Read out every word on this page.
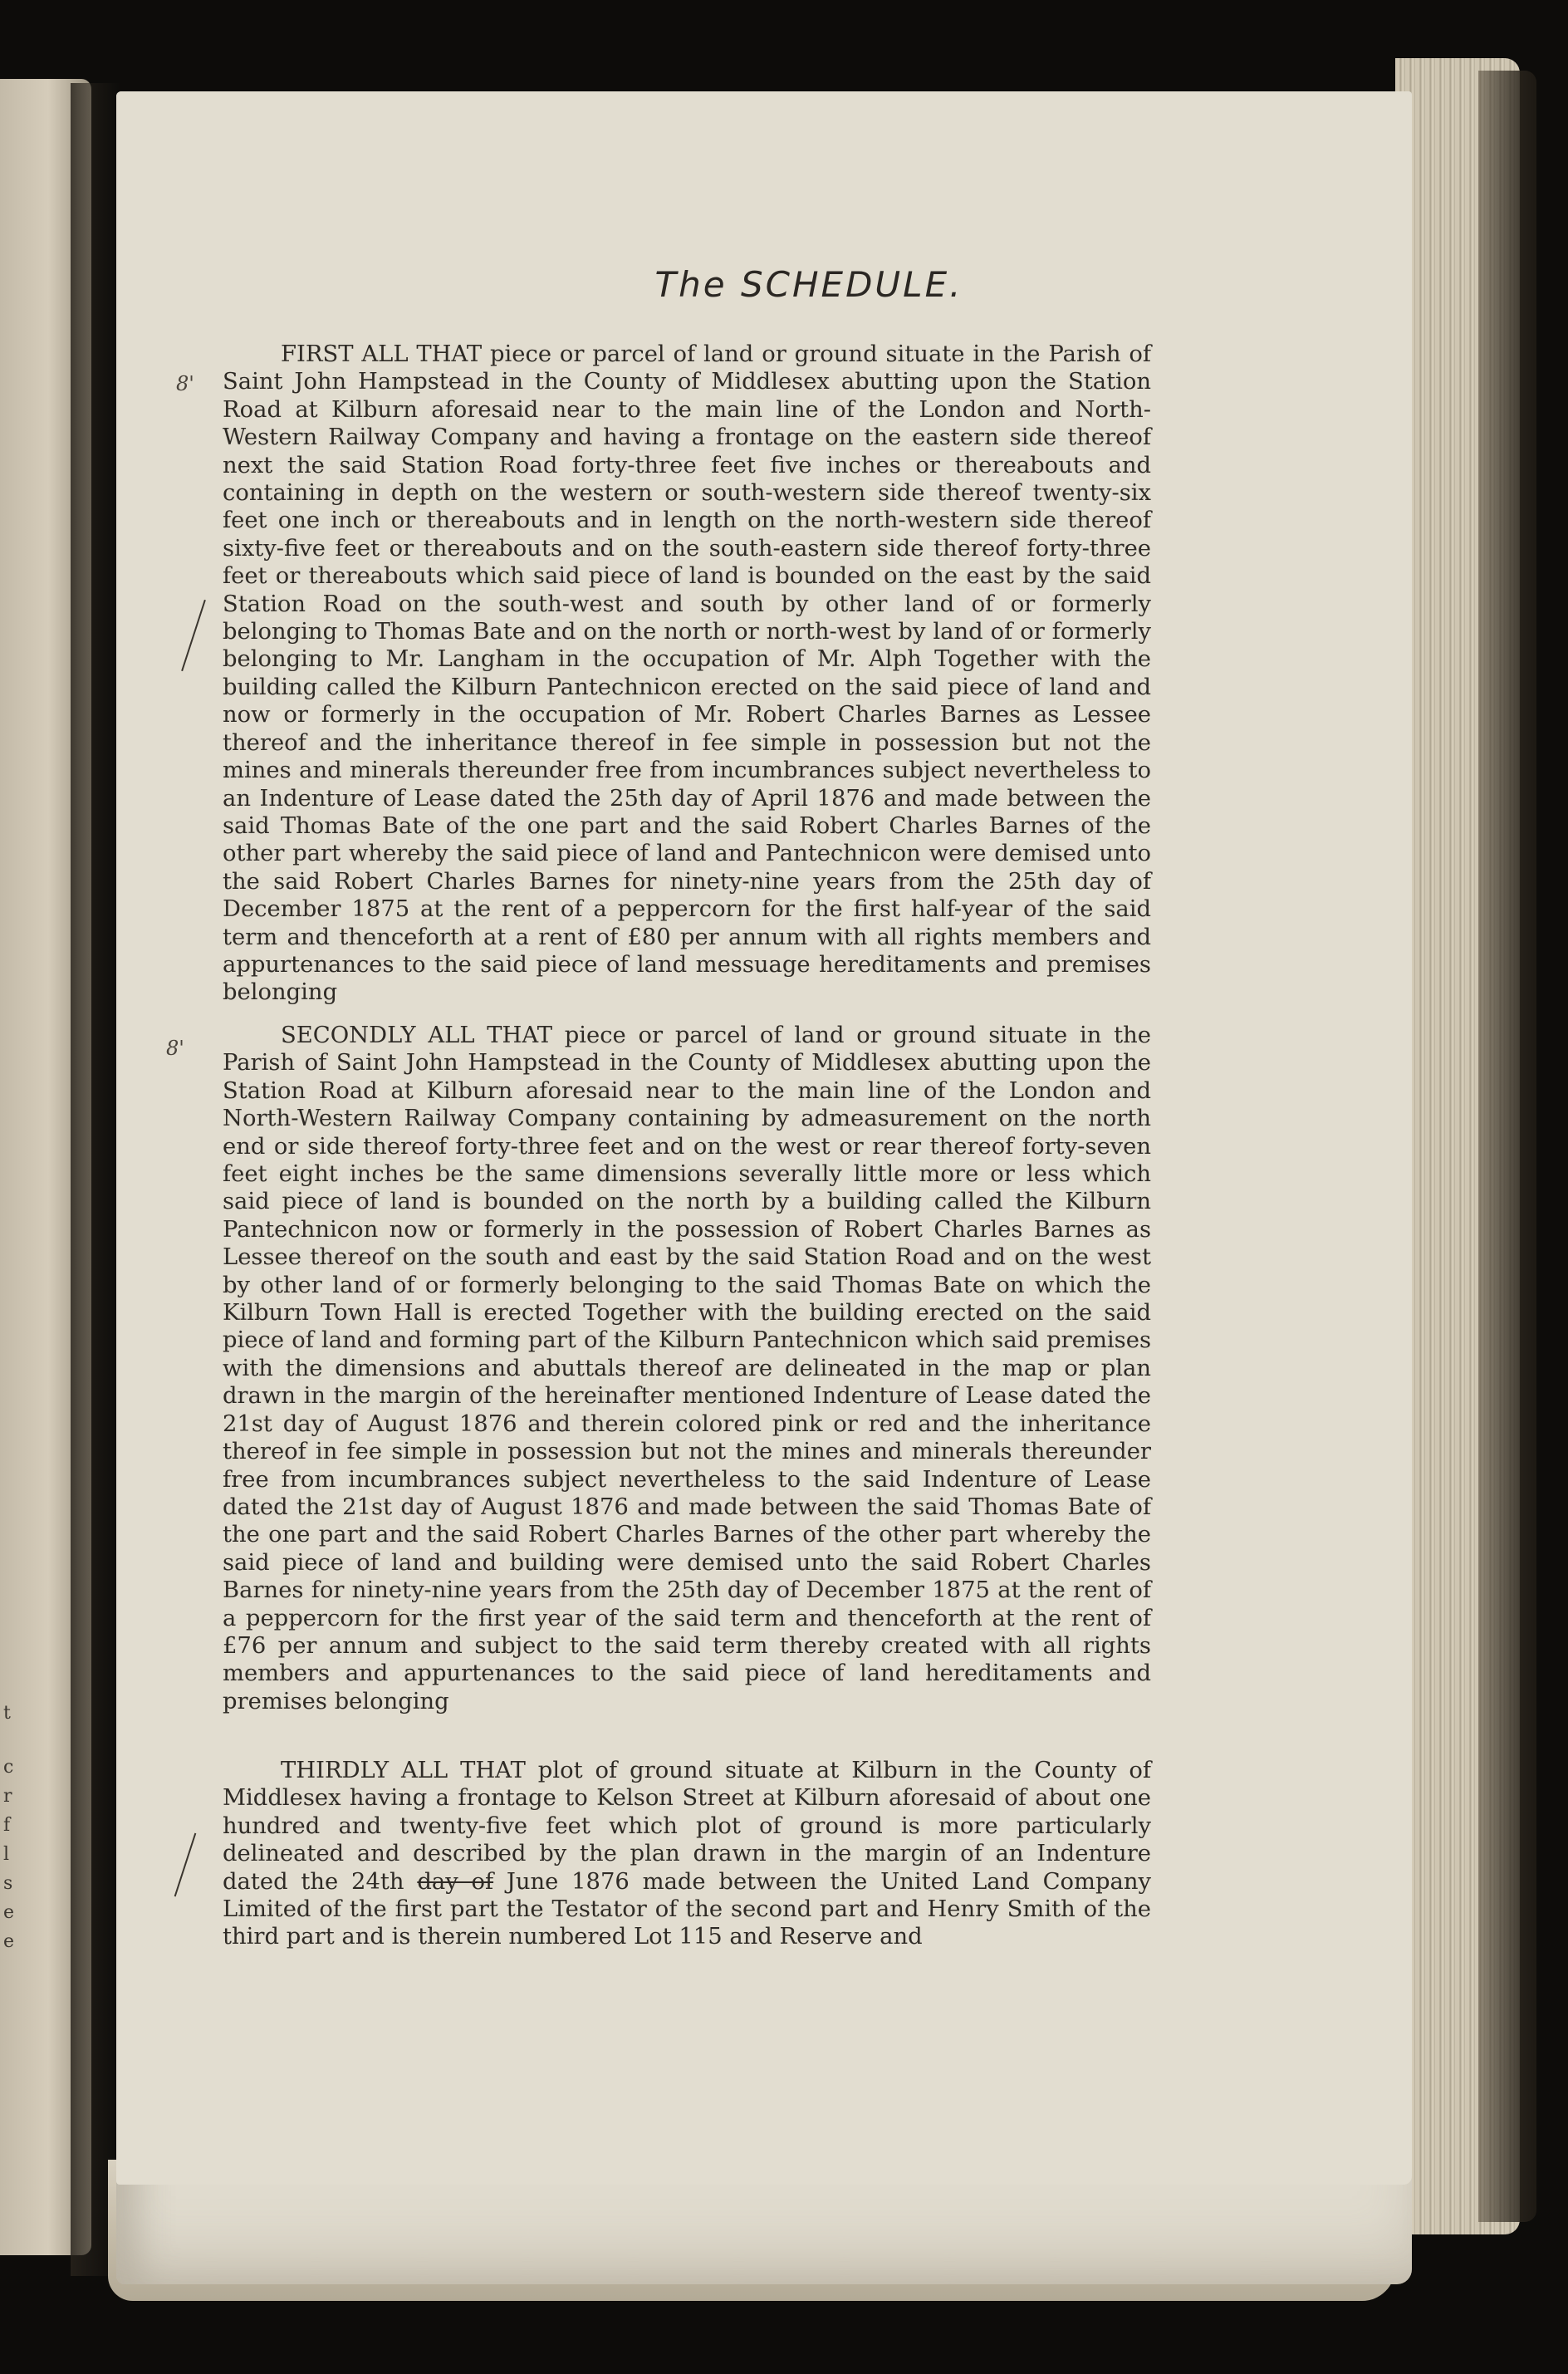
t
c
r
f
l
s
e
e
The SCHEDULE.
8'
8'

FIRST ALL THAT piece or parcel of land or ground situate in the Parish of Saint John Hampstead in the County of Middlesex abutting upon the Station Road at Kilburn aforesaid near to the main line of the London and North-Western Railway Company and having a frontage on the eastern side thereof next the said Station Road forty-three feet five inches or thereabouts and containing in depth on the western or south-western side thereof twenty-six feet one inch or thereabouts and in length on the north-western side thereof sixty-five feet or thereabouts and on the south-eastern side thereof forty-three feet or thereabouts which said piece of land is bounded on the east by the said Station Road on the south-west and south by other land of or formerly belonging to Thomas Bate and on the north or north-west by land of or formerly belonging to Mr. Langham in the occupation of Mr. Alph Together with the building called the Kilburn Pantechnicon erected on the said piece of land and now or formerly in the occupation of Mr. Robert Charles Barnes as Lessee thereof and the inheritance thereof in fee simple in possession but not the mines and minerals thereunder free from incumbrances subject nevertheless to an Indenture of Lease dated the 25th day of April 1876 and made between the said Thomas Bate of the one part and the said Robert Charles Barnes of the other part whereby the said piece of land and Pantechnicon were demised unto the said Robert Charles Barnes for ninety-nine years from the 25th day of December 1875 at the rent of a peppercorn for the first half-year of the said term and thenceforth at a rent of £80 per annum with all rights members and appurtenances to the said piece of land messuage hereditaments and premises belonging

SECONDLY ALL THAT piece or parcel of land or ground situate in the Parish of Saint John Hampstead in the County of Middlesex abutting upon the Station Road at Kilburn aforesaid near to the main line of the London and North-Western Railway Company containing by admeasurement on the north end or side thereof forty-three feet and on the west or rear thereof forty-seven feet eight inches be the same dimensions severally little more or less which said piece of land is bounded on the north by a building called the Kilburn Pantechnicon now or formerly in the possession of Robert Charles Barnes as Lessee thereof on the south and east by the said Station Road and on the west by other land of or formerly belonging to the said Thomas Bate on which the Kilburn Town Hall is erected Together with the building erected on the said piece of land and forming part of the Kilburn Pantechnicon which said premises with the dimensions and abuttals thereof are delineated in the map or plan drawn in the margin of the hereinafter mentioned Indenture of Lease dated the 21st day of August 1876 and therein colored pink or red and the inheritance thereof in fee simple in possession but not the mines and minerals thereunder free from incumbrances subject nevertheless to the said Indenture of Lease dated the 21st day of August 1876 and made between the said Thomas Bate of the one part and the said Robert Charles Barnes of the other part whereby the said piece of land and building were demised unto the said Robert Charles Barnes for ninety-nine years from the 25th day of December 1875 at the rent of a peppercorn for the first year of the said term and thenceforth at the rent of £76 per annum and subject to the said term thereby created with all rights members and appurtenances to the said piece of land hereditaments and premises belonging

THIRDLY ALL THAT plot of ground situate at Kilburn in the County of Middlesex having a frontage to Kelson Street at Kilburn aforesaid of about one hundred and twenty-five feet which plot of ground is more particularly delineated and described by the plan drawn in the margin of an Indenture dated the 24th day of June 1876 made between the United Land Company Limited of the first part the Testator of the second part and Henry Smith of the third part and is therein numbered Lot 115 and Reserve and
